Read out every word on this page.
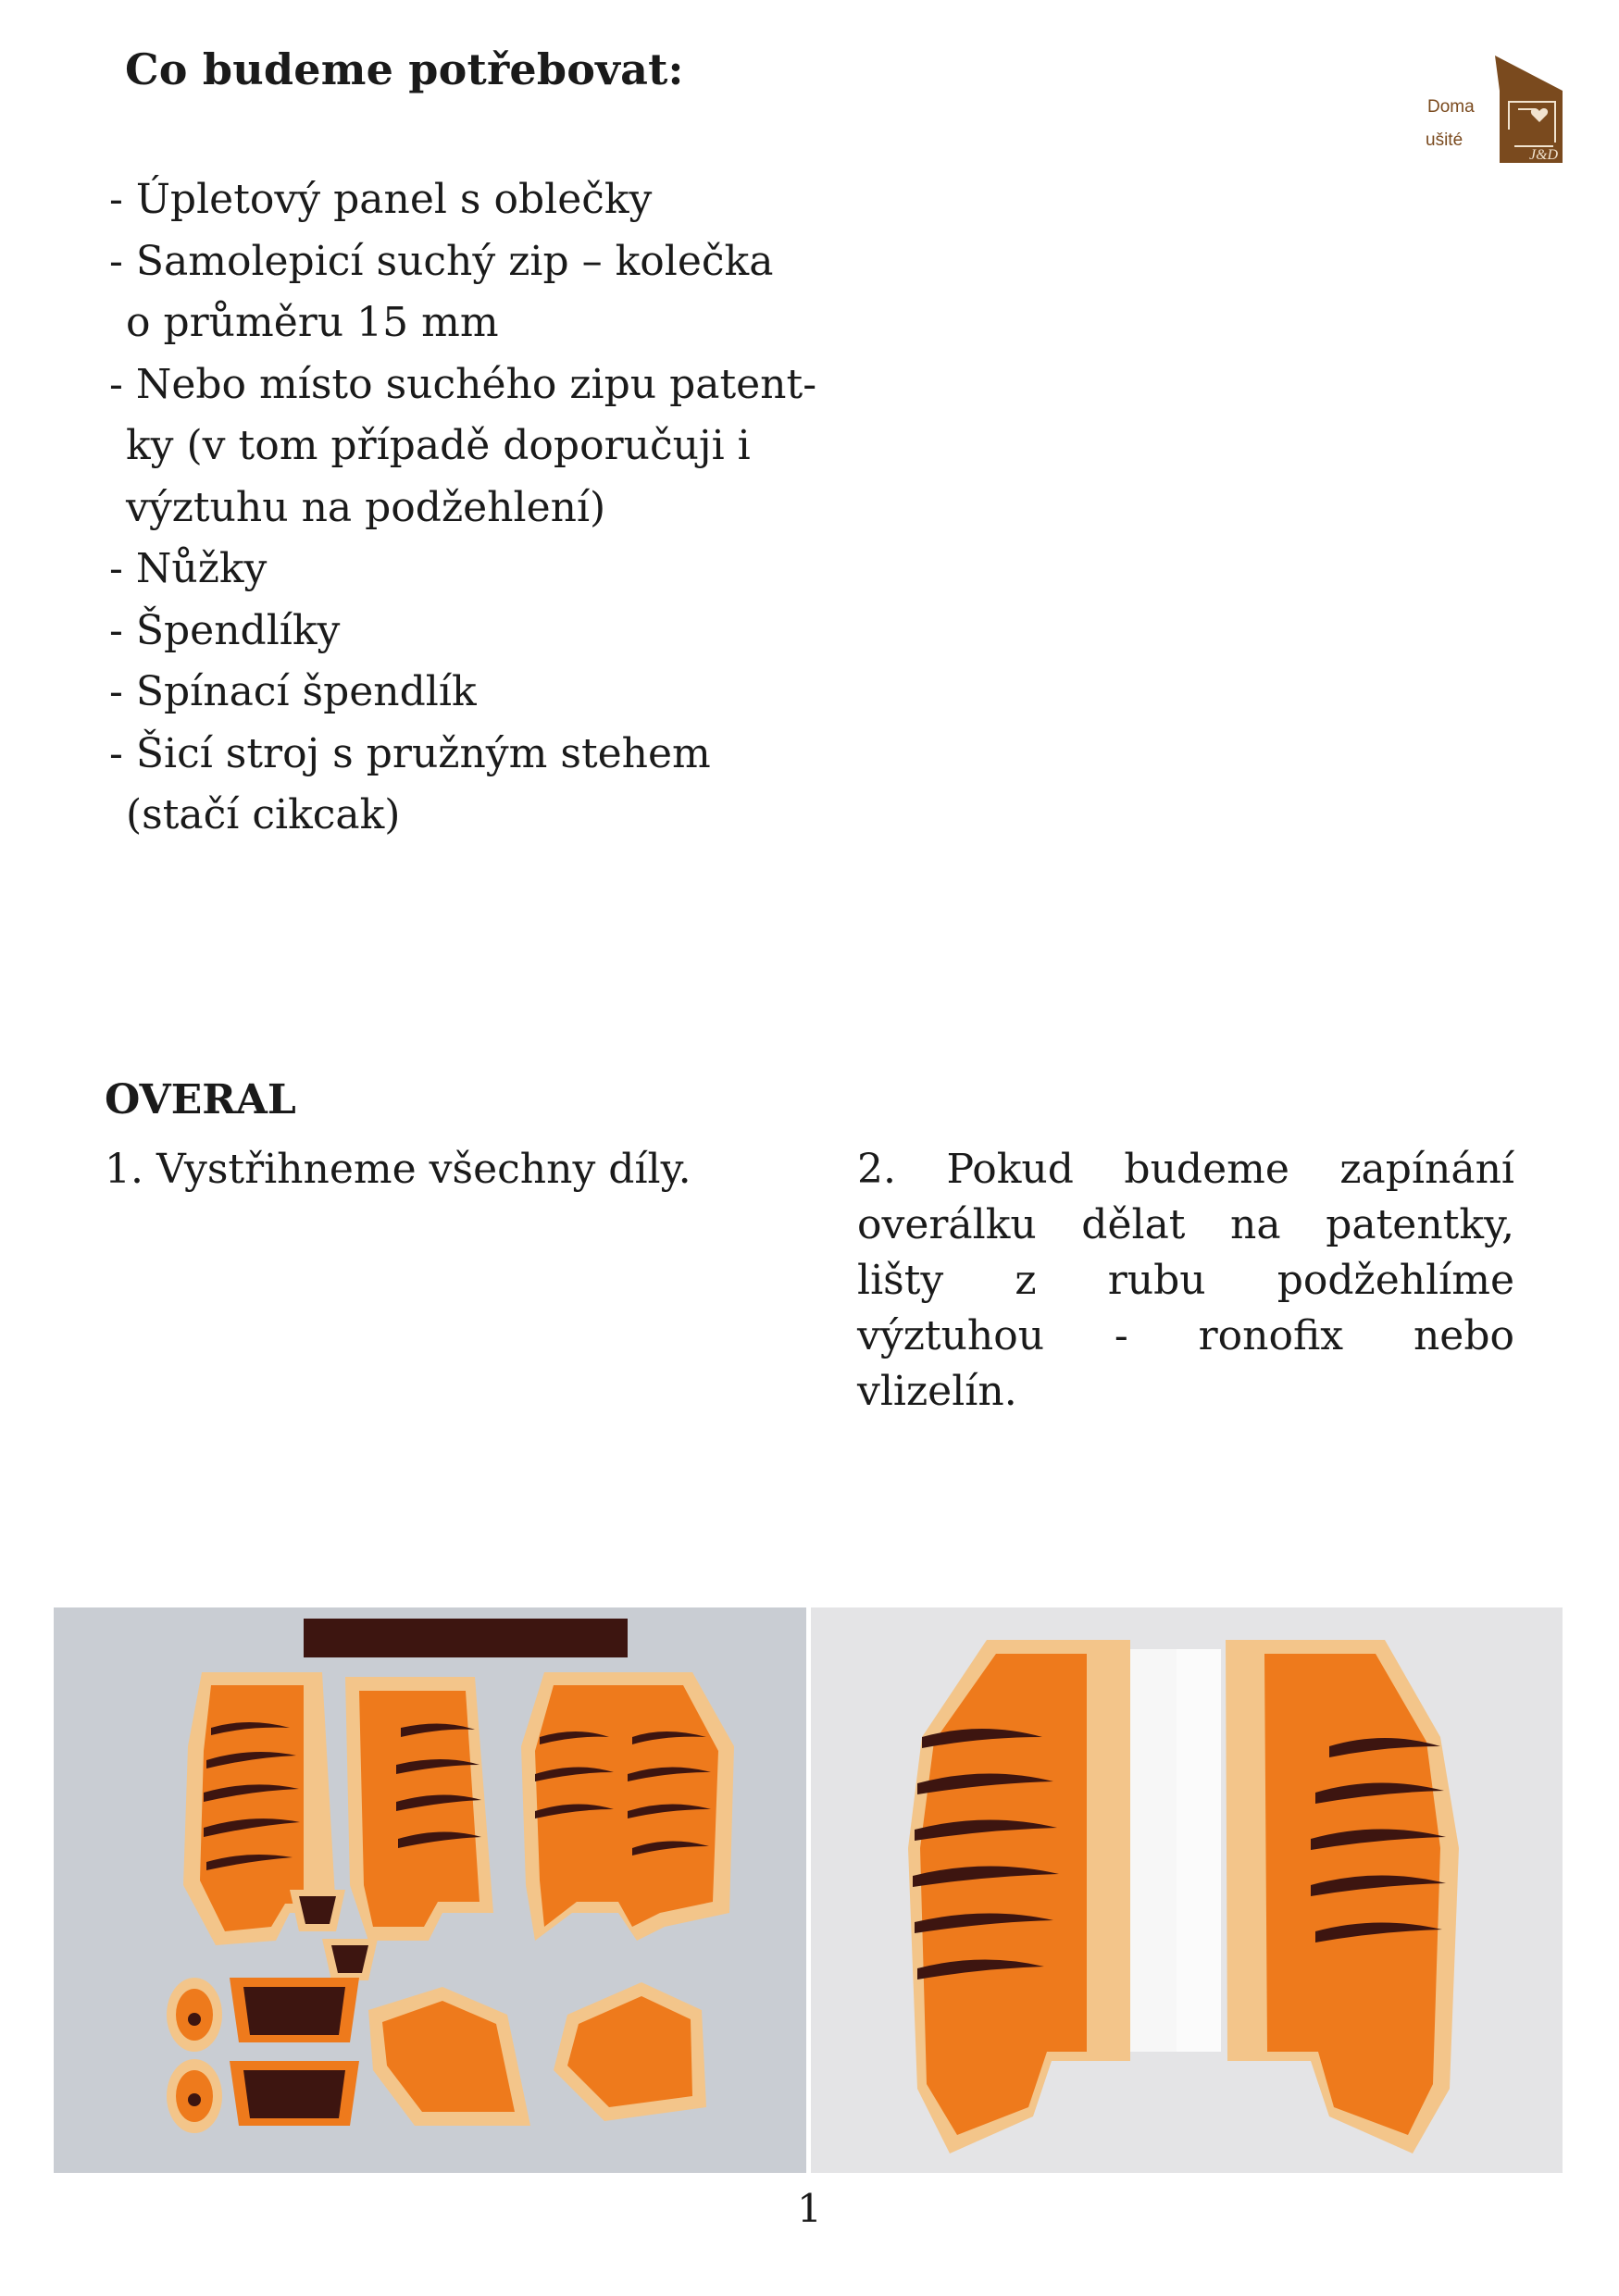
Co budeme potřebovat:
- Úpletový panel s oblečky
- Samolepicí suchý zip – kolečka
o průměru 15 mm
- Nebo místo suchého zipu patent-
ky (v tom případě doporučuji i
výztuhu na podžehlení)
- Nůžky
- Špendlíky
- Spínací špendlík
- Šicí stroj s pružným stehem
(stačí cikcak)
Doma
ušité
J&D
OVERAL
1. Vystřihneme všechny díly.	2. Pokud budeme zapínání overálku dělat na patentky, lišty z rubu podžehlíme výztuhou - ronofix nebo vlizelín.
1
